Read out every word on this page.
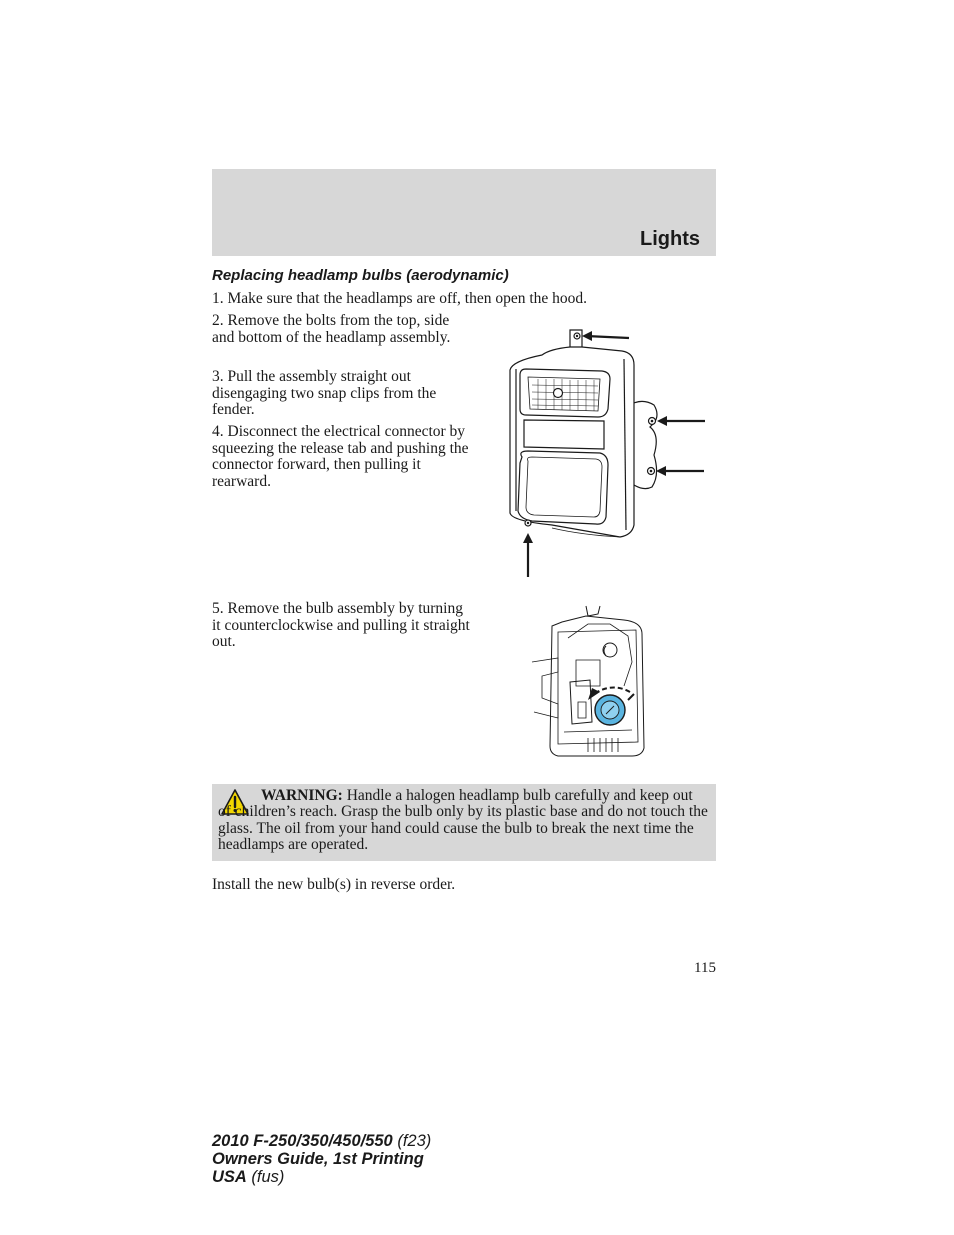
Lights
Replacing headlamp bulbs (aerodynamic)
1. Make sure that the headlamps are off, then open the hood.
2. Remove the bolts from the top, side and bottom of the headlamp assembly.
3. Pull the assembly straight out disengaging two snap clips from the fender.
4. Disconnect the electrical connector by squeezing the release tab and pushing the connector forward, then pulling it rearward.
5. Remove the bulb assembly by turning it counterclockwise and pulling it straight out.
WARNING: Handle a halogen headlamp bulb carefully and keep out of children’s reach. Grasp the bulb only by its plastic base and do not touch the glass. The oil from your hand could cause the bulb to break the next time the headlamps are operated.
Install the new bulb(s) in reverse order.
115
2010 F-250/350/450/550 (f23)
Owners Guide, 1st Printing
USA (fus)
